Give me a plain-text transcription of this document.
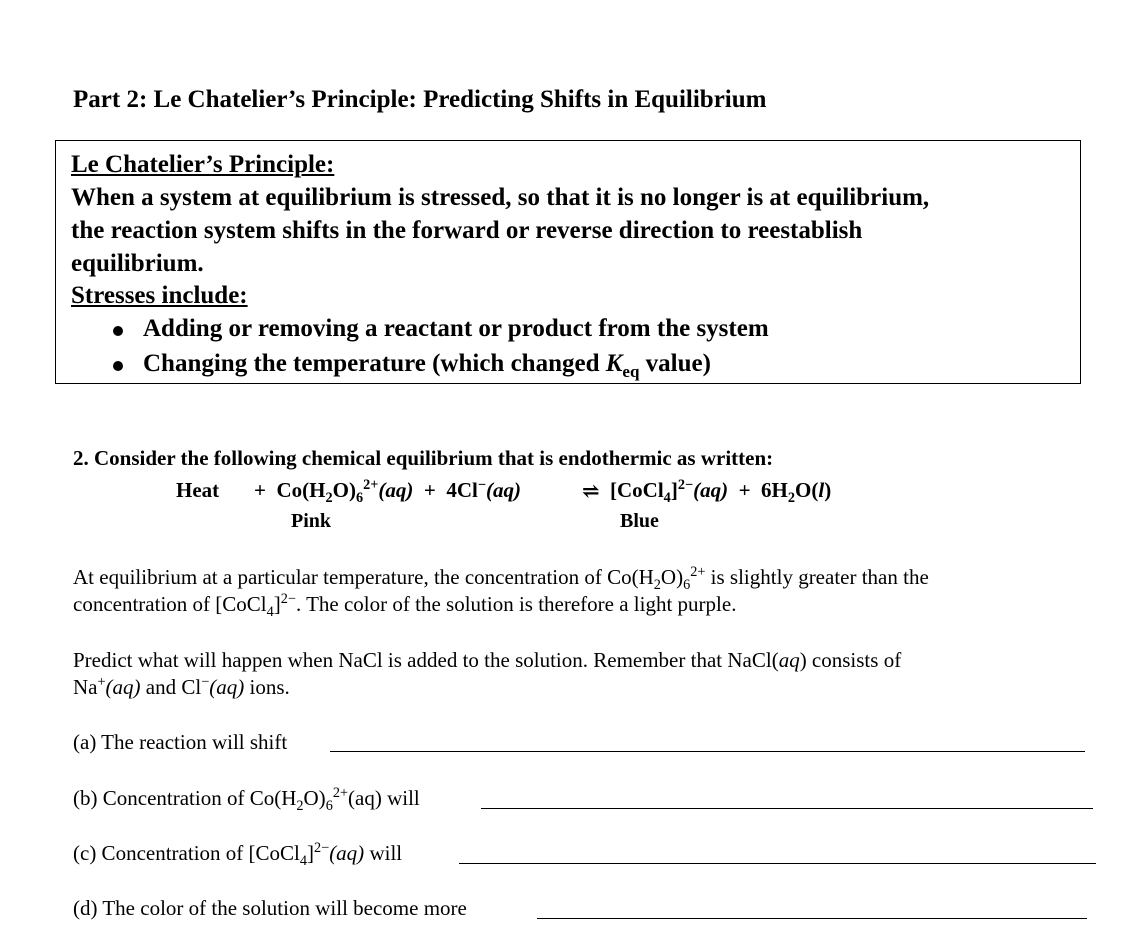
Part 2: Le Chatelier’s Principle: Predicting Shifts in Equilibrium
Le Chatelier’s Principle:
When a system at equilibrium is stressed, so that it is no longer is at equilibrium,
the reaction system shifts in the forward or reverse direction to reestablish
equilibrium.
Stresses include:
Adding or removing a reactant or product from the system
Changing the temperature (which changed $K_{eq}$ value)
2. Consider the following chemical equilibrium that is endothermic as written:
Heat + $Co(H_2O)_6^{2+}(aq) + 4Cl^-(aq)$	⇌ [CoCl$_4$]$^{2-}$(aq) + $6H_2O(l)$
Pink	Blue
At equilibrium at a particular temperature, the concentration of $Co(H_2O)_6^{2+}$ is slightly greater than the
concentration of [CoCl$_4$]$^{2-}$. The color of the solution is therefore a light purple.
Predict what will happen when NaCl is added to the solution. Remember that NaCl(aq) consists of
Na+(aq) and Cl−(aq) ions.
(a) The reaction will shift
(b) Concentration of $Co(H_2O)_6^{2+}(aq)$ will
(c) Concentration of [CoCl$_4$]$^{2-}$(aq) will
(d) The color of the solution will become more
